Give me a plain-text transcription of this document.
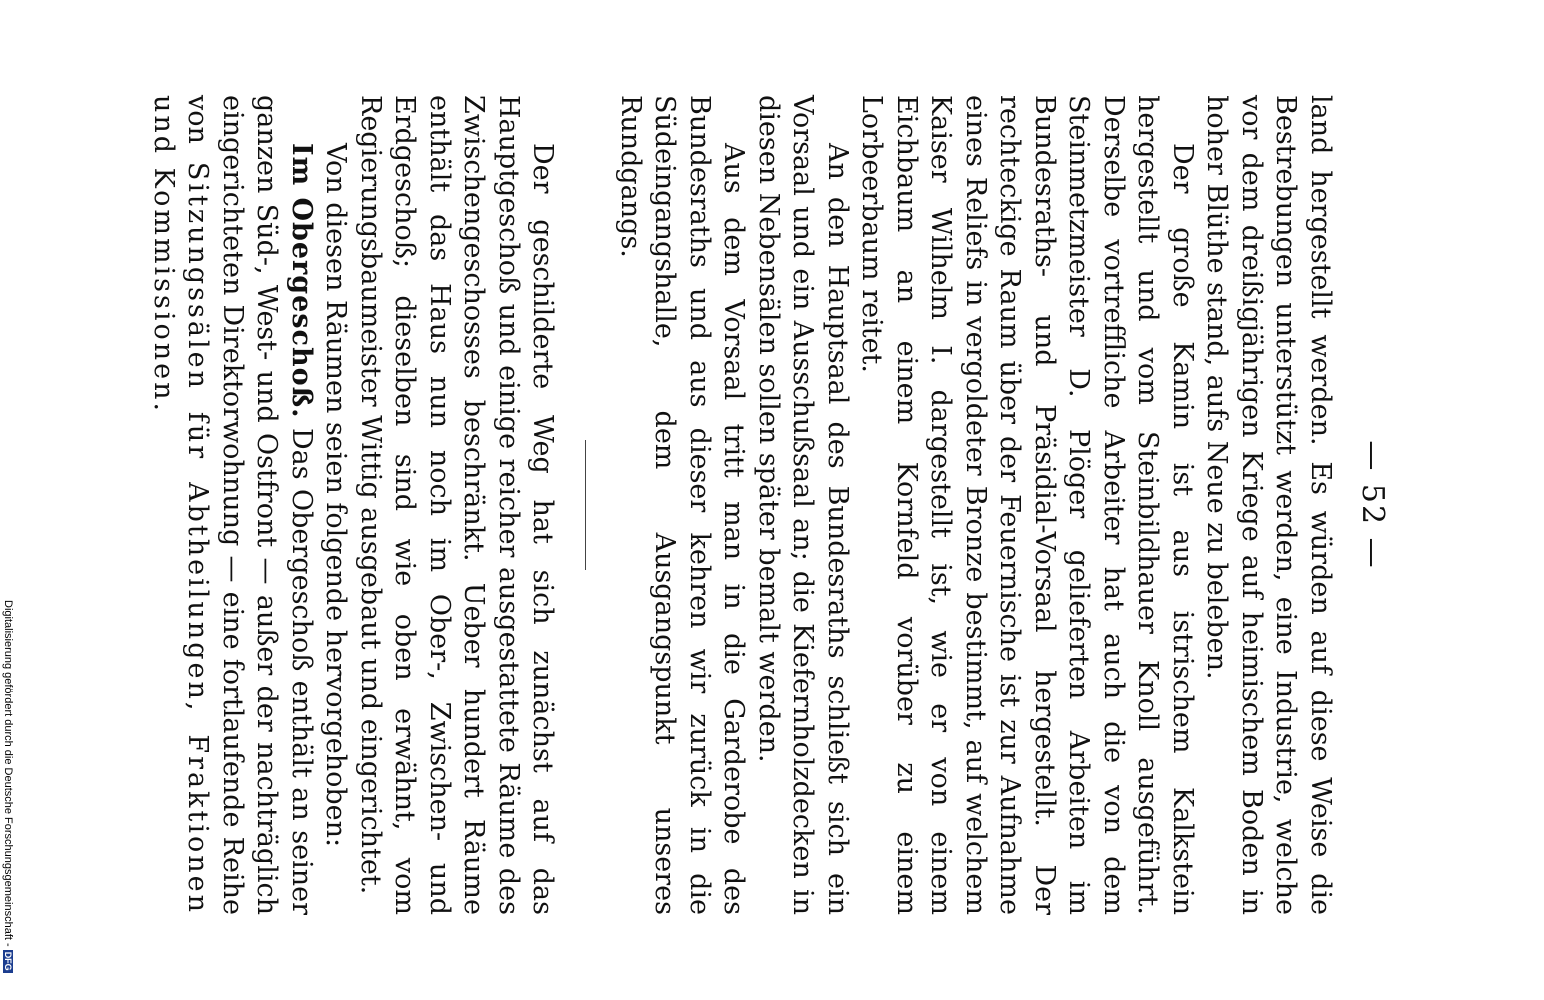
— 52 —

land hergestellt werden. Es würden auf diese Weise die Bestrebungen unterstützt werden, eine Industrie, welche vor dem dreißigjährigen Kriege auf heimischem Boden in hoher Blüthe stand, aufs Neue zu beleben.

Der große Kamin ist aus istrischem Kalkstein hergestellt und vom Steinbildhauer Knoll ausgeführt. Derselbe vortreffliche Arbeiter hat auch die von dem Steinmetzmeister D. Plöger gelieferten Arbeiten im Bundesraths- und Präsidial-Vorsaal hergestellt. Der rechteckige Raum über der Feuernische ist zur Aufnahme eines Reliefs in vergoldeter Bronze bestimmt, auf welchem Kaiser Wilhelm I. dargestellt ist, wie er von einem Eichbaum an einem Kornfeld vorüber zu einem Lorbeerbaum reitet.

An den Hauptsaal des Bundesraths schließt sich ein Vorsaal und ein Ausschußsaal an; die Kiefernholzdecken in diesen Nebensälen sollen später bemalt werden.

Aus dem Vorsaal tritt man in die Garderobe des Bundesraths und aus dieser kehren wir zurück in die Südeingangshalle, dem Ausgangspunkt unseres Rundgangs.

Der geschilderte Weg hat sich zunächst auf das Hauptgeschoß und einige reicher ausgestattete Räume des Zwischengeschosses beschränkt. Ueber hundert Räume enthält das Haus nun noch im Ober-, Zwischen- und Erdgeschoß; dieselben sind wie oben erwähnt, vom Regierungsbaumeister Wittig ausgebaut und eingerichtet.

Von diesen Räumen seien folgende hervorgehoben:

Im Obergeschoß. Das Obergeschoß enthält an seiner ganzen Süd-, West- und Ostfront — außer der nachträglich eingerichteten Direktorwohnung — eine fortlaufende Reihe von Sitzungssälen für Abtheilungen, Fraktionen und Kommissionen.

Digitalisierung gefördert durch die Deutsche Forschungsgemeinschaft -DFG
